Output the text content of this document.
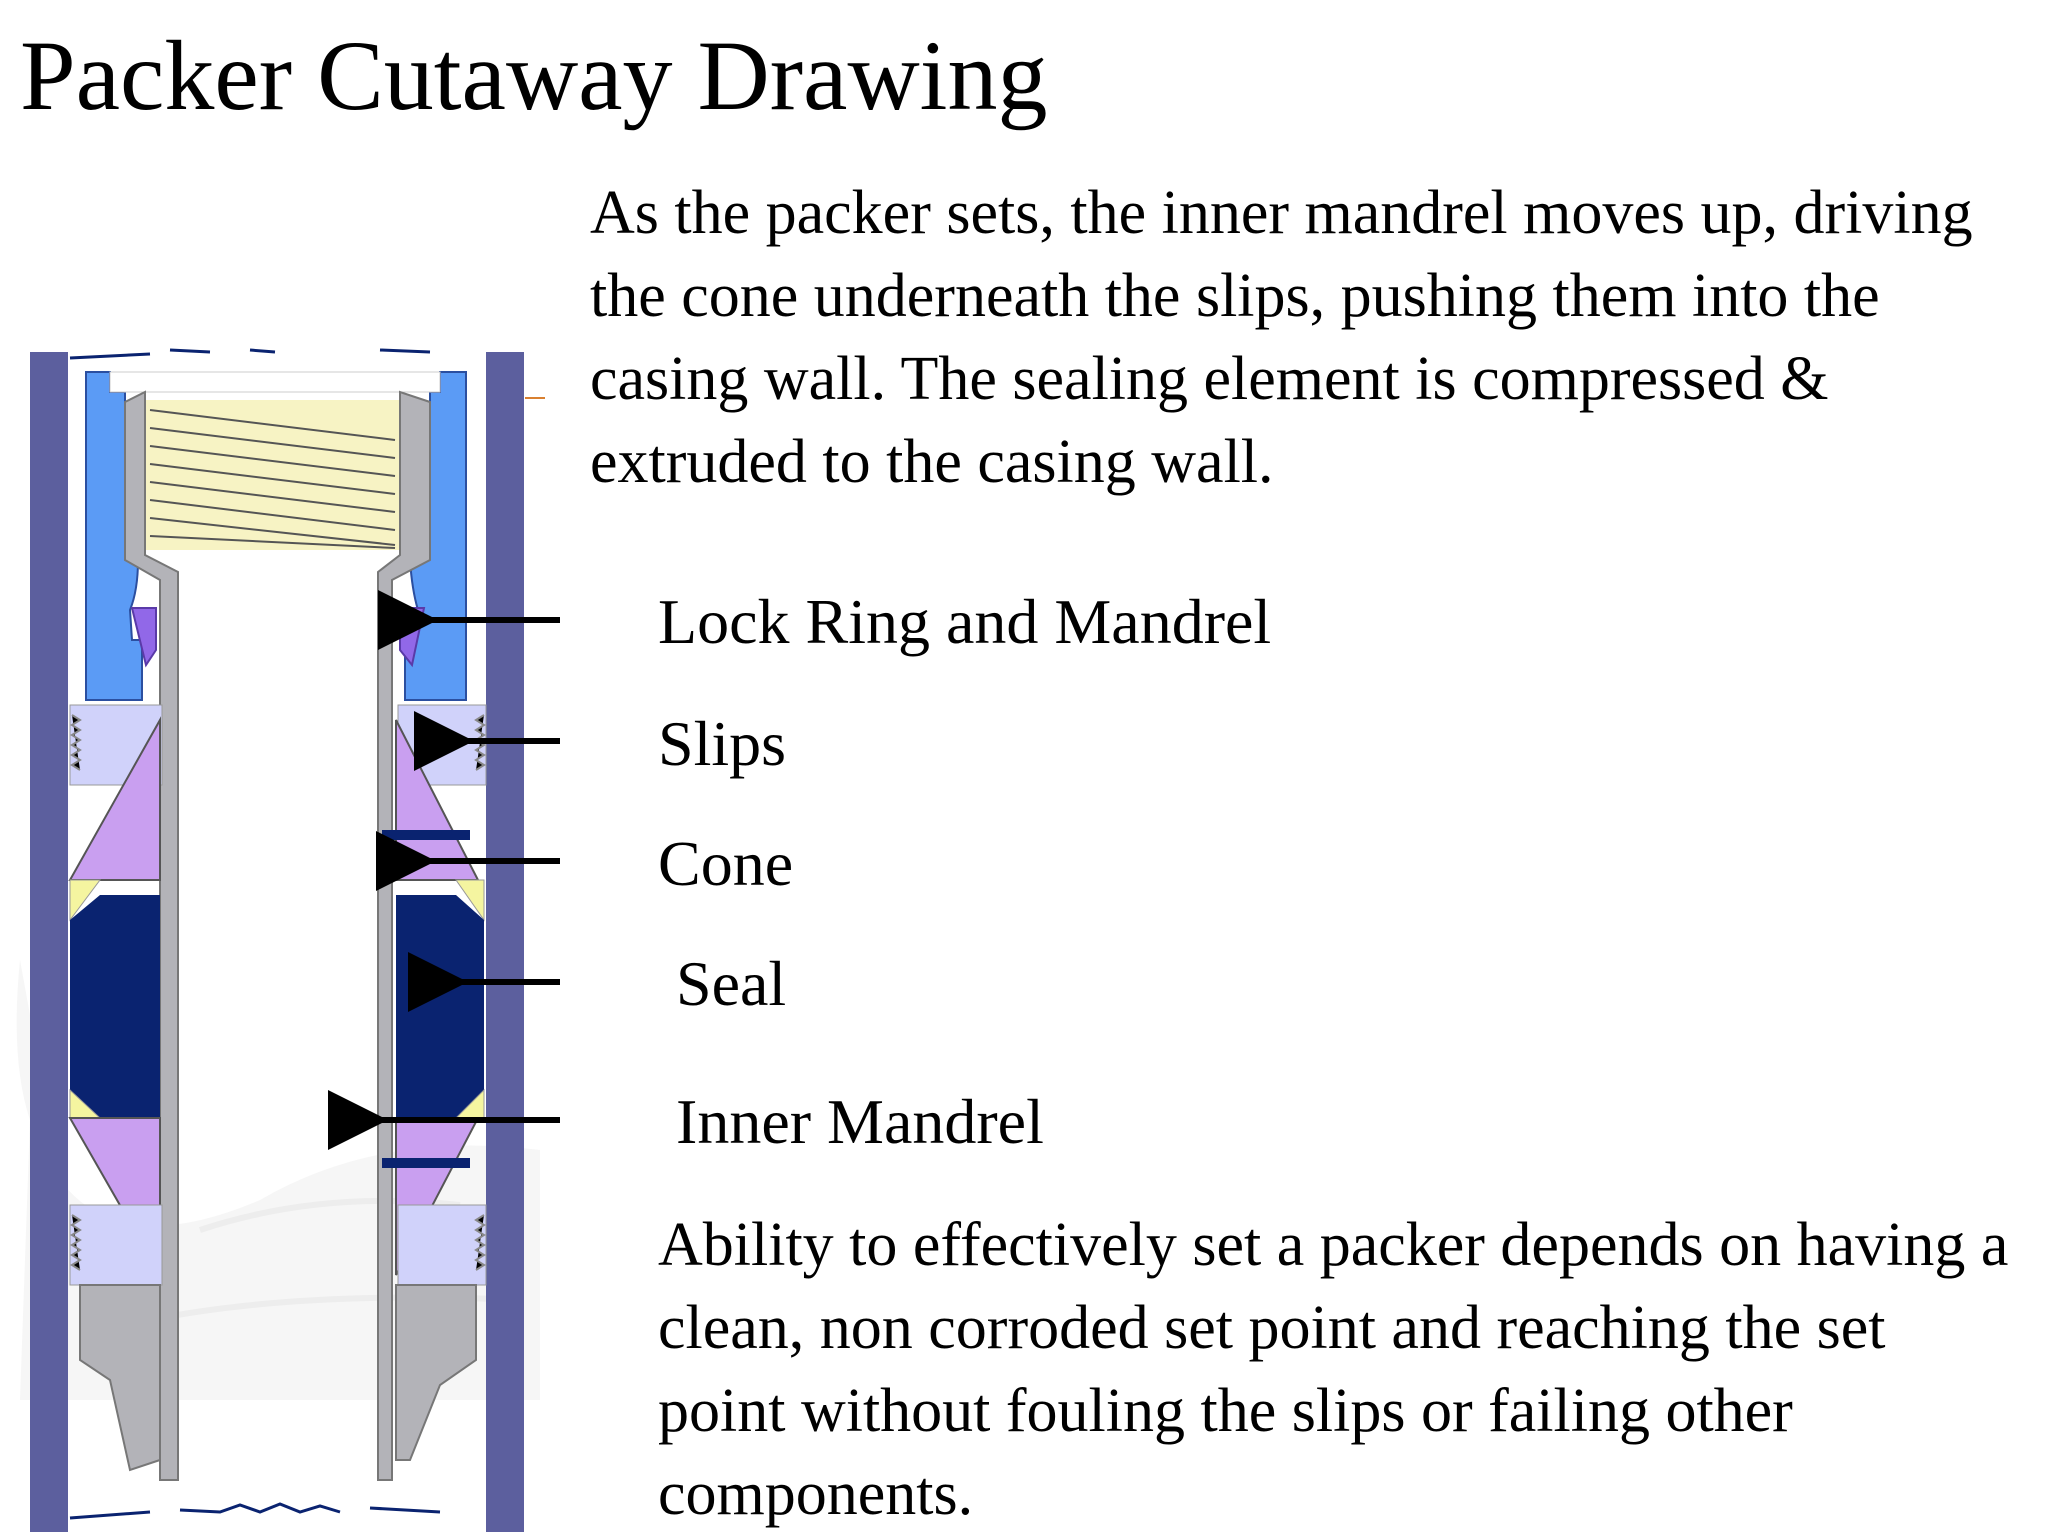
Packer Cutaway Drawing

As the packer sets, the inner mandrel moves up, driving the cone underneath the slips, pushing them into the casing wall. The sealing element is compressed & extruded to the casing wall.

Lock Ring and Mandrel
Slips
Cone
Seal
Inner Mandrel

Ability to effectively set a packer depends on having a clean, non corroded set point and reaching the set point without fouling the slips or failing other components.
